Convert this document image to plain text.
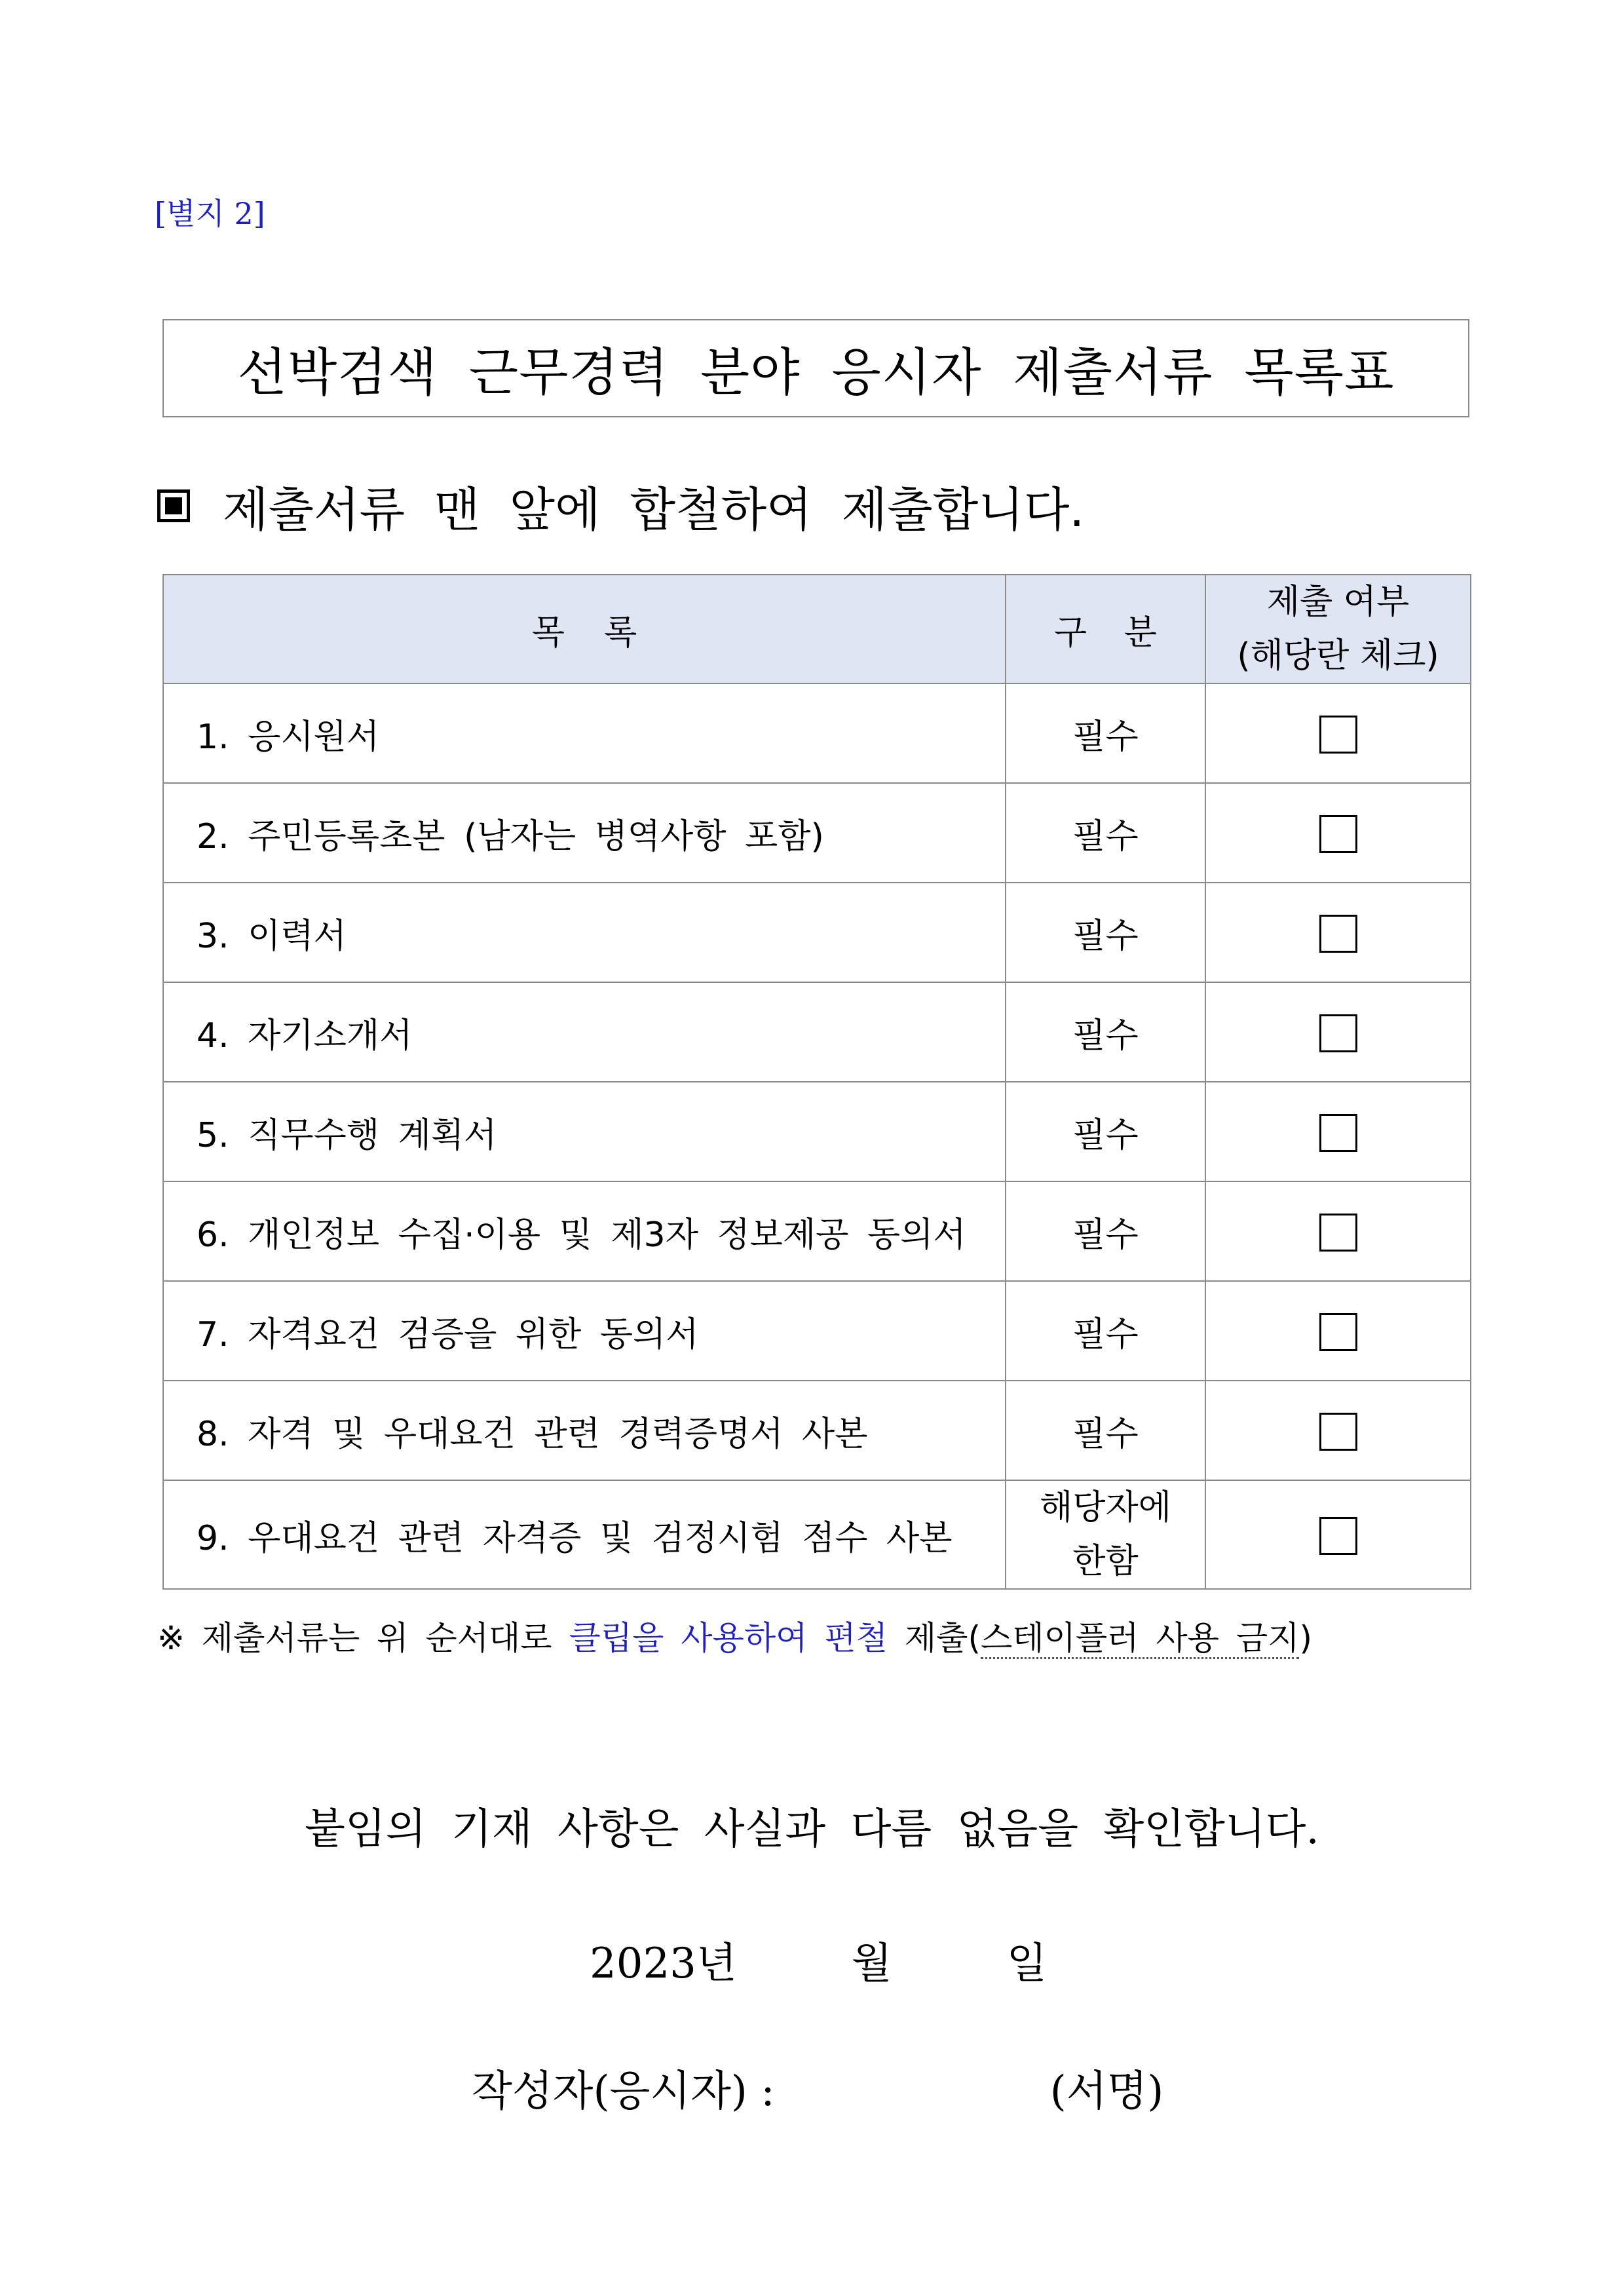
[별지 2]
선박검색 근무경력 분야 응시자 제출서류 목록표
제출서류 맨 앞에 합철하여 제출합니다.
목록	구 분	제출 여부
(해당란 체크)

1. 응시원서	필수	
2. 주민등록초본 (남자는 병역사항 포함)	필수	
3. 이력서	필수	
4. 자기소개서	필수	
5. 직무수행 계획서	필수	
6. 개인정보 수집·이용 및 제3자 정보제공 동의서	필수	
7. 자격요건 검증을 위한 동의서	필수	
8. 자격 및 우대요건 관련 경력증명서 사본	필수	
9. 우대요건 관련 자격증 및 검정시험 점수 사본	해당자에
한함	

※ 제출서류는 위 순서대로 클립을 사용하여 편철 제출(스테이플러 사용 금지)
붙임의 기재 사항은 사실과 다름 없음을 확인합니다.
2023년	월	일
작성자(응시자) :	(서명)
